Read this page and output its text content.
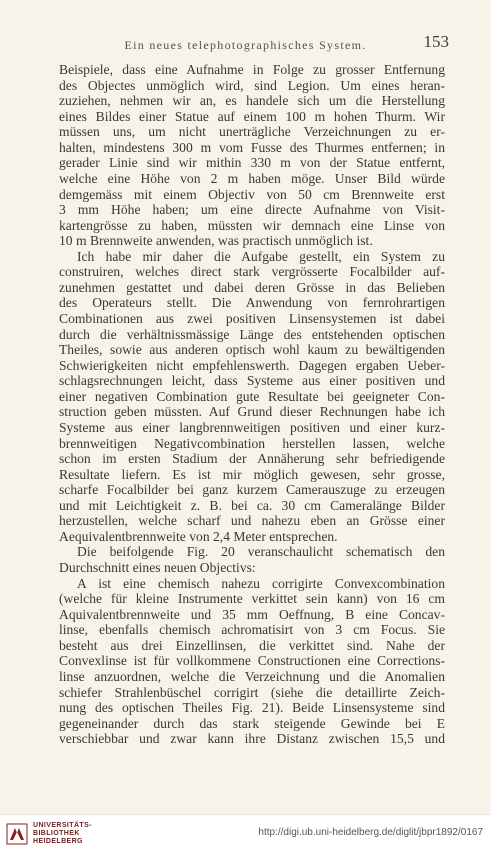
Ein neues telephotographisches System.	153
Beispiele, dass eine Aufnahme in Folge zu grosser Entfernung
des Objectes unmöglich wird, sind Legion. Um eines heran-
zuziehen, nehmen wir an, es handele sich um die Herstellung
eines Bildes einer Statue auf einem 100 m hohen Thurm. Wir
müssen uns, um nicht unerträgliche Verzeichnungen zu er-
halten, mindestens 300 m vom Fusse des Thurmes entfernen; in
gerader Linie sind wir mithin 330 m von der Statue entfernt,
welche eine Höhe von 2 m haben möge. Unser Bild würde
demgemäss mit einem Objectiv von 50 cm Brennweite erst
3 mm Höhe haben; um eine directe Aufnahme von Visit-
kartengrösse zu haben, müssten wir demnach eine Linse von
10 m Brennweite anwenden, was practisch unmöglich ist.
Ich habe mir daher die Aufgabe gestellt, ein System zu
construiren, welches direct stark vergrösserte Focalbilder auf-
zunehmen gestattet und dabei deren Grösse in das Belieben
des Operateurs stellt. Die Anwendung von fernrohrartigen
Combinationen aus zwei positiven Linsensystemen ist dabei
durch die verhältnissmässige Länge des entstehenden optischen
Theiles, sowie aus anderen optisch wohl kaum zu bewältigenden
Schwierigkeiten nicht empfehlenswerth. Dagegen ergaben Ueber-
schlagsrechnungen leicht, dass Systeme aus einer positiven und
einer negativen Combination gute Resultate bei geeigneter Con-
struction geben müssten. Auf Grund dieser Rechnungen habe ich
Systeme aus einer langbrennweitigen positiven und einer kurz-
brennweitigen Negativcombination herstellen lassen, welche
schon im ersten Stadium der Annäherung sehr befriedigende
Resultate liefern. Es ist mir möglich gewesen, sehr grosse,
scharfe Focalbilder bei ganz kurzem Camerauszuge zu erzeugen
und mit Leichtigkeit z. B. bei ca. 30 cm Cameralänge Bilder
herzustellen, welche scharf und nahezu eben an Grösse einer
Aequivalentbrennweite von 2,4 Meter entsprechen.
Die beifolgende Fig. 20 veranschaulicht schematisch den
Durchschnitt eines neuen Objectivs:
A ist eine chemisch nahezu corrigirte Convexcombination
(welche für kleine Instrumente verkittet sein kann) von 16 cm
Aquivalentbrennweite und 35 mm Oeffnung, B eine Concav-
linse, ebenfalls chemisch achromatisirt von 3 cm Focus. Sie
besteht aus drei Einzellinsen, die verkittet sind. Nahe der
Convexlinse ist für vollkommene Constructionen eine Corrections-
linse anzuordnen, welche die Verzeichnung und die Anomalien
schiefer Strahlenbüschel corrigirt (siehe die detaillirte Zeich-
nung des optischen Theiles Fig. 21). Beide Linsensysteme sind
gegeneinander durch das stark steigende Gewinde bei E
verschiebbar und zwar kann ihre Distanz zwischen 15,5 und
UNIVERSITÄTS-
BIBLIOTHEK
HEIDELBERG
http://digi.ub.uni-heidelberg.de/diglit/jbpr1892/0167
